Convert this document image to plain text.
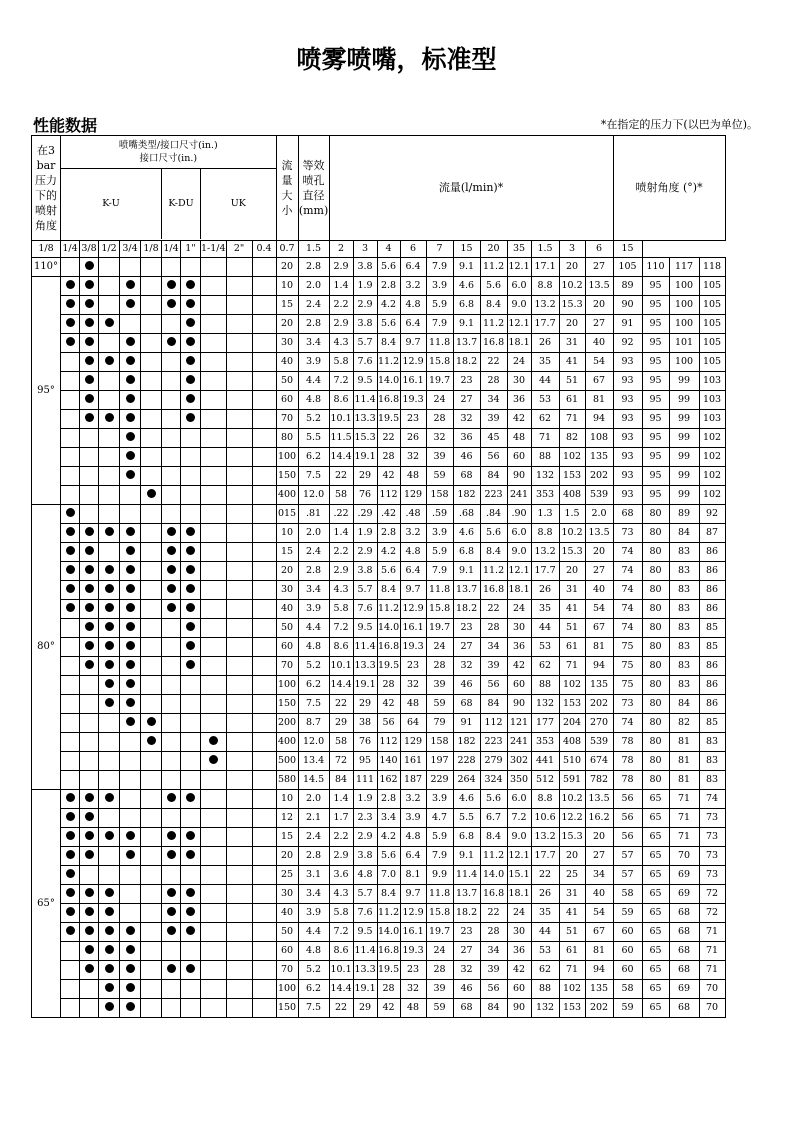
喷雾喷嘴，标准型
性能数据	*在指定的压力下(以巴为单位)。
在3 bar 压力下的 喷射角度	喷嘴类型/接口尺寸(in.)
接口尺寸(in.)										流量大小	等效喷孔直径(mm)	流量(l/min)*											喷射角度 (°)*			
	K-U					K-DU		UK																			

1/8	1/4	3/8	1/2	3/4	1/8	1/4	1"	1-1/4	2"	0.4	0.7	1.5	2	3	4	6	7	15	20	35	1.5	3	6	15			
110°											20	2.8	2.9	3.8	5.6	6.4	7.9	9.1	11.2	12.1	17.1	20	27	105	110	117	118
95°											10	2.0	1.4	1.9	2.8	3.2	3.9	4.6	5.6	6.0	8.8	10.2	13.5	89	95	100	105
											15	2.4	2.2	2.9	4.2	4.8	5.9	6.8	8.4	9.0	13.2	15.3	20	90	95	100	105
											20	2.8	2.9	3.8	5.6	6.4	7.9	9.1	11.2	12.1	17.7	20	27	91	95	100	105
											30	3.4	4.3	5.7	8.4	9.7	11.8	13.7	16.8	18.1	26	31	40	92	95	101	105
											40	3.9	5.8	7.6	11.2	12.9	15.8	18.2	22	24	35	41	54	93	95	100	105
											50	4.4	7.2	9.5	14.0	16.1	19.7	23	28	30	44	51	67	93	95	99	103
											60	4.8	8.6	11.4	16.8	19.3	24	27	34	36	53	61	81	93	95	99	103
											70	5.2	10.1	13.3	19.5	23	28	32	39	42	62	71	94	93	95	99	103
											80	5.5	11.5	15.3	22	26	32	36	45	48	71	82	108	93	95	99	102
											100	6.2	14.4	19.1	28	32	39	46	56	60	88	102	135	93	95	99	102
											150	7.5	22	29	42	48	59	68	84	90	132	153	202	93	95	99	102
											400	12.0	58	76	112	129	158	182	223	241	353	408	539	93	95	99	102
80°											015	.81	.22	.29	.42	.48	.59	.68	.84	.90	1.3	1.5	2.0	68	80	89	92
											10	2.0	1.4	1.9	2.8	3.2	3.9	4.6	5.6	6.0	8.8	10.2	13.5	73	80	84	87
											15	2.4	2.2	2.9	4.2	4.8	5.9	6.8	8.4	9.0	13.2	15.3	20	74	80	83	86
											20	2.8	2.9	3.8	5.6	6.4	7.9	9.1	11.2	12.1	17.7	20	27	74	80	83	86
											30	3.4	4.3	5.7	8.4	9.7	11.8	13.7	16.8	18.1	26	31	40	74	80	83	86
											40	3.9	5.8	7.6	11.2	12.9	15.8	18.2	22	24	35	41	54	74	80	83	86
											50	4.4	7.2	9.5	14.0	16.1	19.7	23	28	30	44	51	67	74	80	83	85
											60	4.8	8.6	11.4	16.8	19.3	24	27	34	36	53	61	81	75	80	83	85
											70	5.2	10.1	13.3	19.5	23	28	32	39	42	62	71	94	75	80	83	86
											100	6.2	14.4	19.1	28	32	39	46	56	60	88	102	135	75	80	83	86
											150	7.5	22	29	42	48	59	68	84	90	132	153	202	73	80	84	86
											200	8.7	29	38	56	64	79	91	112	121	177	204	270	74	80	82	85
											400	12.0	58	76	112	129	158	182	223	241	353	408	539	78	80	81	83
											500	13.4	72	95	140	161	197	228	279	302	441	510	674	78	80	81	83
											580	14.5	84	111	162	187	229	264	324	350	512	591	782	78	80	81	83
65°											10	2.0	1.4	1.9	2.8	3.2	3.9	4.6	5.6	6.0	8.8	10.2	13.5	56	65	71	74
											12	2.1	1.7	2.3	3.4	3.9	4.7	5.5	6.7	7.2	10.6	12.2	16.2	56	65	71	73
											15	2.4	2.2	2.9	4.2	4.8	5.9	6.8	8.4	9.0	13.2	15.3	20	56	65	71	73
											20	2.8	2.9	3.8	5.6	6.4	7.9	9.1	11.2	12.1	17.7	20	27	57	65	70	73
											25	3.1	3.6	4.8	7.0	8.1	9.9	11.4	14.0	15.1	22	25	34	57	65	69	73
											30	3.4	4.3	5.7	8.4	9.7	11.8	13.7	16.8	18.1	26	31	40	58	65	69	72
											40	3.9	5.8	7.6	11.2	12.9	15.8	18.2	22	24	35	41	54	59	65	68	72
											50	4.4	7.2	9.5	14.0	16.1	19.7	23	28	30	44	51	67	60	65	68	71
											60	4.8	8.6	11.4	16.8	19.3	24	27	34	36	53	61	81	60	65	68	71
											70	5.2	10.1	13.3	19.5	23	28	32	39	42	62	71	94	60	65	68	71
											100	6.2	14.4	19.1	28	32	39	46	56	60	88	102	135	58	65	69	70
											150	7.5	22	29	42	48	59	68	84	90	132	153	202	59	65	68	70
